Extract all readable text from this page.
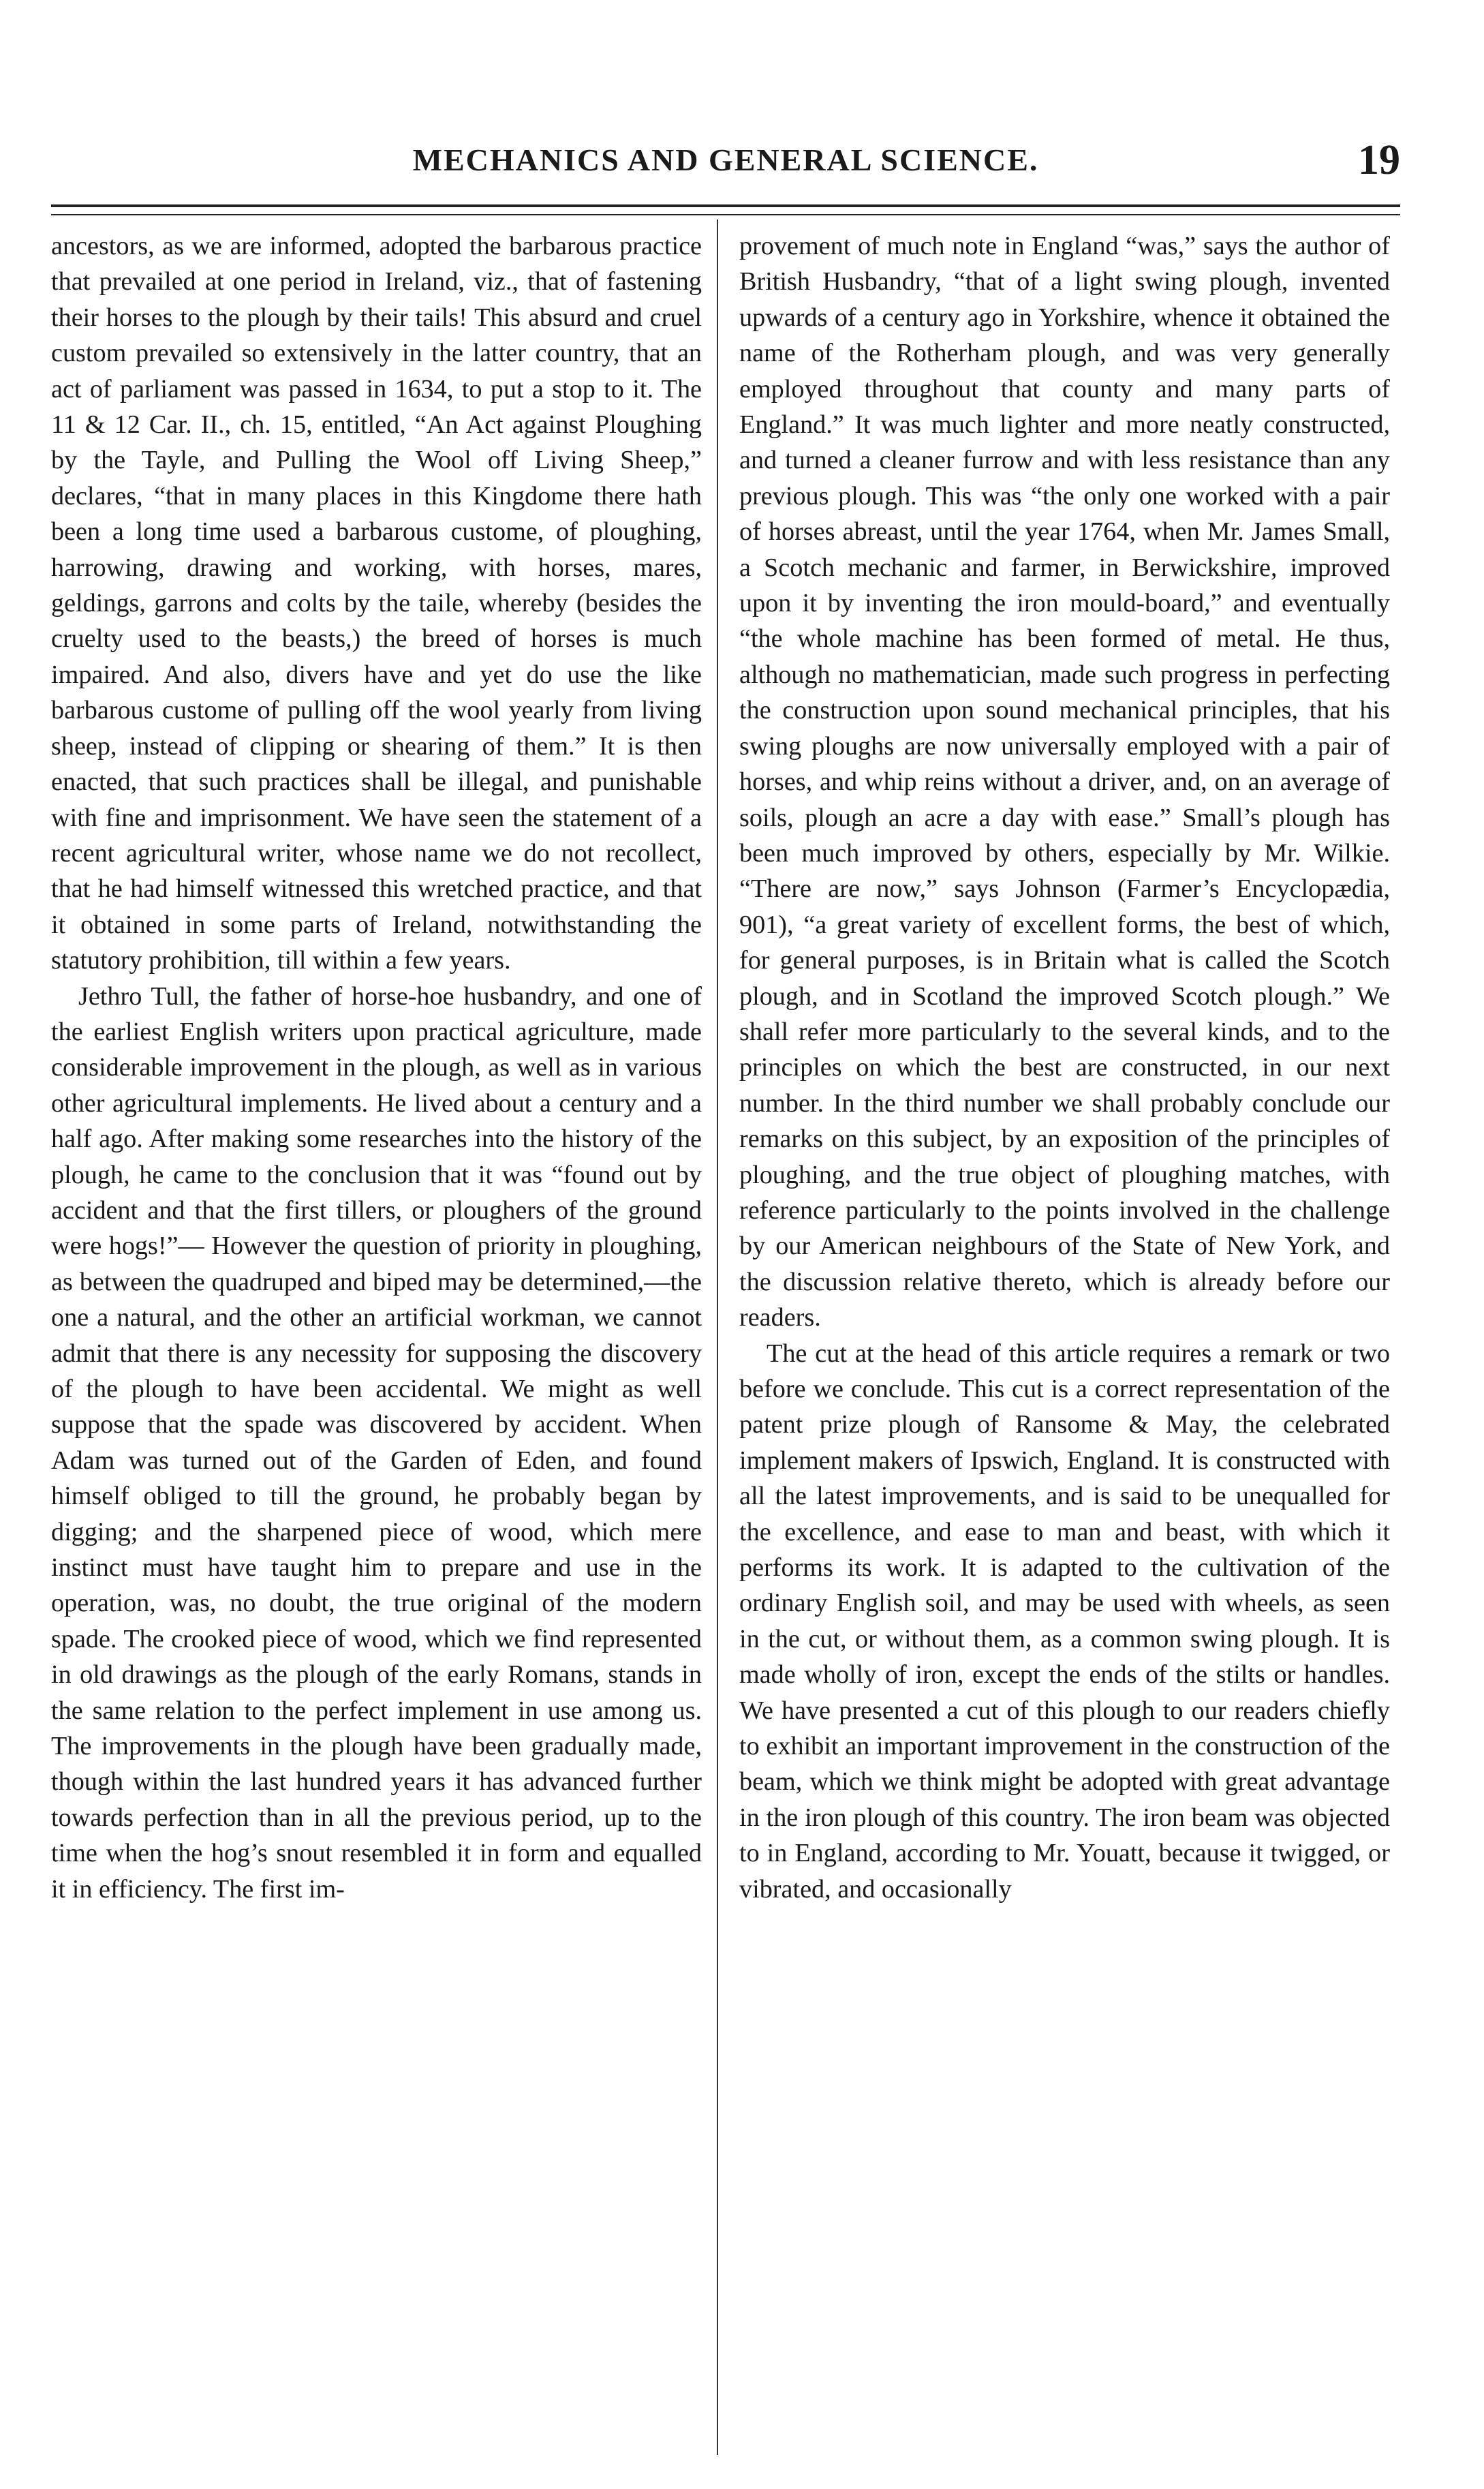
MECHANICS AND GENERAL SCIENCE.	19

ancestors, as we are informed, adopted the barbarous practice that prevailed at one period in Ireland, viz., that of fastening their horses to the plough by their tails! This absurd and cruel custom prevailed so extensively in the latter country, that an act of parliament was passed in 1634, to put a stop to it. The 11 & 12 Car. II., ch. 15, entitled, “An Act against Ploughing by the Tayle, and Pulling the Wool off Living Sheep,” declares, “that in many places in this Kingdome there hath been a long time used a barbarous custome, of ploughing, harrowing, drawing and working, with horses, mares, geldings, garrons and colts by the taile, whereby (besides the cruelty used to the beasts,) the breed of horses is much impaired. And also, divers have and yet do use the like barbarous custome of pulling off the wool yearly from living sheep, instead of clipping or shearing of them.” It is then enacted, that such practices shall be illegal, and punishable with fine and imprisonment. We have seen the statement of a recent agricultural writer, whose name we do not recollect, that he had himself witnessed this wretched practice, and that it obtained in some parts of Ireland, notwithstanding the statutory prohibition, till within a few years.

Jethro Tull, the father of horse-hoe husbandry, and one of the earliest English writers upon practical agriculture, made considerable improvement in the plough, as well as in various other agricultural implements. He lived about a century and a half ago. After making some researches into the history of the plough, he came to the conclusion that it was “found out by accident and that the first tillers, or ploughers of the ground were hogs!”— However the question of priority in ploughing, as between the quadruped and biped may be determined,—the one a natural, and the other an artificial workman, we cannot admit that there is any necessity for supposing the discovery of the plough to have been accidental. We might as well suppose that the spade was discovered by accident. When Adam was turned out of the Garden of Eden, and found himself obliged to till the ground, he probably began by digging; and the sharpened piece of wood, which mere instinct must have taught him to prepare and use in the operation, was, no doubt, the true original of the modern spade. The crooked piece of wood, which we find represented in old drawings as the plough of the early Romans, stands in the same relation to the perfect implement in use among us. The improvements in the plough have been gradually made, though within the last hundred years it has advanced further towards perfection than in all the previous period, up to the time when the hog’s snout resembled it in form and equalled it in efficiency. The first im-

provement of much note in England “was,” says the author of British Husbandry, “that of a light swing plough, invented upwards of a century ago in Yorkshire, whence it obtained the name of the Rotherham plough, and was very generally employed throughout that county and many parts of England.” It was much lighter and more neatly constructed, and turned a cleaner furrow and with less resistance than any previous plough. This was “the only one worked with a pair of horses abreast, until the year 1764, when Mr. James Small, a Scotch mechanic and farmer, in Berwickshire, improved upon it by inventing the iron mould-board,” and eventually “the whole machine has been formed of metal. He thus, although no mathematician, made such progress in perfecting the construction upon sound mechanical principles, that his swing ploughs are now universally employed with a pair of horses, and whip reins without a driver, and, on an average of soils, plough an acre a day with ease.” Small’s plough has been much improved by others, especially by Mr. Wilkie. “There are now,” says Johnson (Farmer’s Encyclopædia, 901), “a great variety of excellent forms, the best of which, for general purposes, is in Britain what is called the Scotch plough, and in Scotland the improved Scotch plough.” We shall refer more particularly to the several kinds, and to the principles on which the best are constructed, in our next number. In the third number we shall probably conclude our remarks on this subject, by an exposition of the principles of ploughing, and the true object of ploughing matches, with reference particularly to the points involved in the challenge by our American neighbours of the State of New York, and the discussion relative thereto, which is already before our readers.

The cut at the head of this article requires a remark or two before we conclude. This cut is a correct representation of the patent prize plough of Ransome & May, the celebrated implement makers of Ipswich, England. It is constructed with all the latest improvements, and is said to be unequalled for the excellence, and ease to man and beast, with which it performs its work. It is adapted to the cultivation of the ordinary English soil, and may be used with wheels, as seen in the cut, or without them, as a common swing plough. It is made wholly of iron, except the ends of the stilts or handles. We have presented a cut of this plough to our readers chiefly to exhibit an important improvement in the construction of the beam, which we think might be adopted with great advantage in the iron plough of this country. The iron beam was objected to in England, according to Mr. Youatt, because it twigged, or vibrated, and occasionally
